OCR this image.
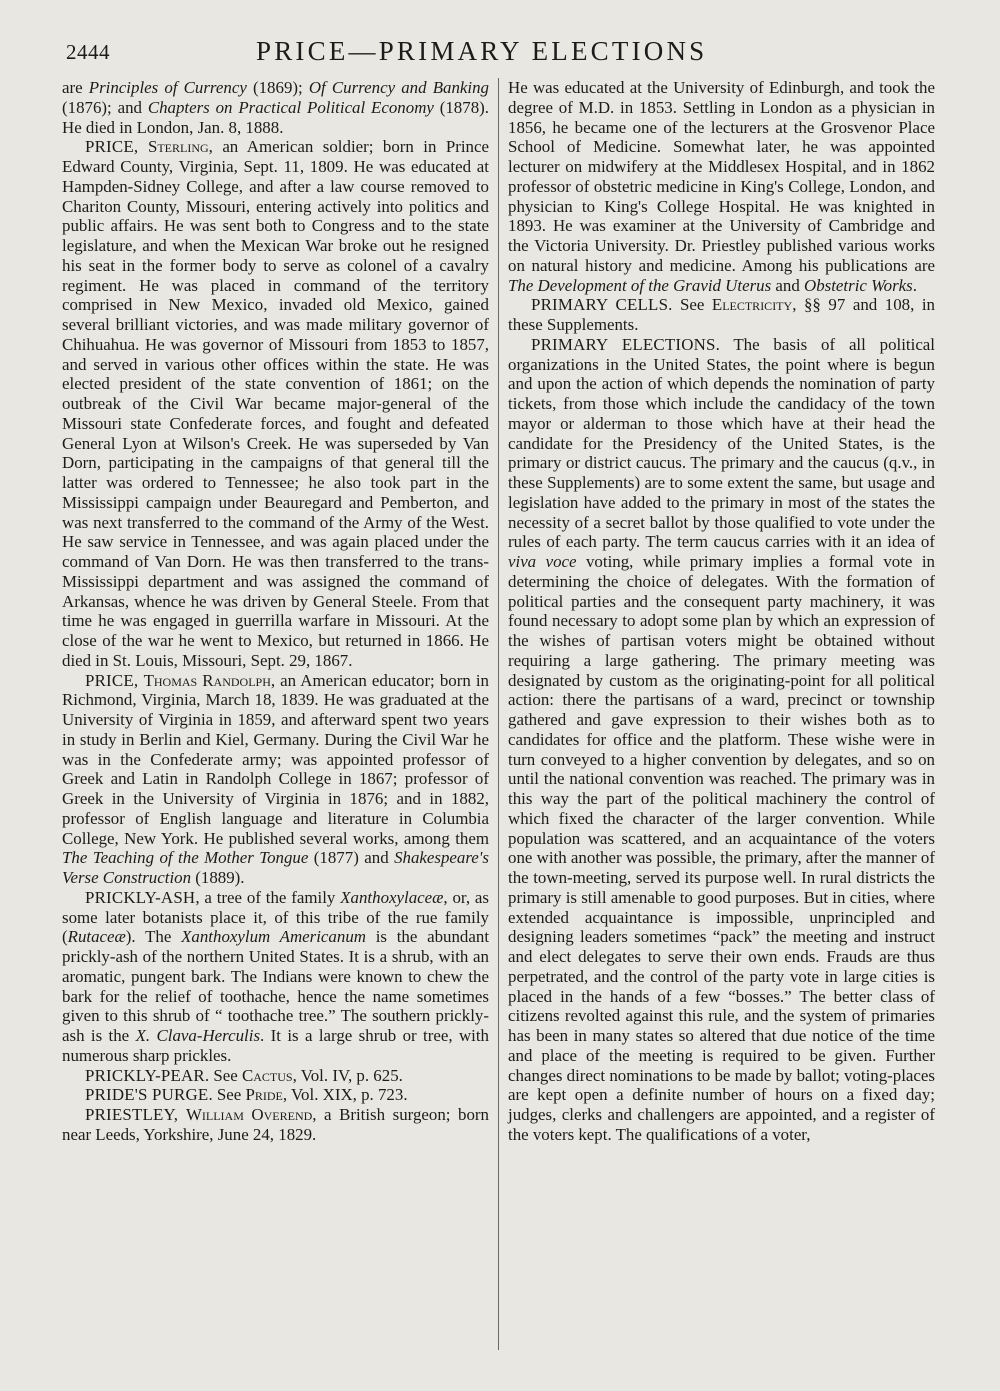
2444	PRICE—PRIMARY ELECTIONS

are Principles of Currency (1869); Of Currency and Banking (1876); and Chapters on Practical Political Economy (1878). He died in London, Jan. 8, 1888.

PRICE, Sterling, an American soldier; born in Prince Edward County, Virginia, Sept. 11, 1809. He was educated at Hampden-Sidney College, and after a law course removed to Chariton County, Missouri, entering actively into politics and public affairs. He was sent both to Congress and to the state legislature, and when the Mexican War broke out he resigned his seat in the former body to serve as colonel of a cavalry regiment. He was placed in command of the territory comprised in New Mexico, invaded old Mexico, gained several brilliant victories, and was made military governor of Chihuahua. He was governor of Missouri from 1853 to 1857, and served in various other offices within the state. He was elected president of the state convention of 1861; on the outbreak of the Civil War became major-general of the Missouri state Confederate forces, and fought and defeated General Lyon at Wilson's Creek. He was superseded by Van Dorn, participating in the campaigns of that general till the latter was ordered to Tennessee; he also took part in the Mississippi campaign under Beauregard and Pemberton, and was next transferred to the command of the Army of the West. He saw service in Tennessee, and was again placed under the command of Van Dorn. He was then transferred to the trans-Mississippi department and was assigned the command of Arkansas, whence he was driven by General Steele. From that time he was engaged in guerrilla warfare in Missouri. At the close of the war he went to Mexico, but returned in 1866. He died in St. Louis, Missouri, Sept. 29, 1867.

PRICE, Thomas Randolph, an American educator; born in Richmond, Virginia, March 18, 1839. He was graduated at the University of Virginia in 1859, and afterward spent two years in study in Berlin and Kiel, Germany. During the Civil War he was in the Confederate army; was appointed professor of Greek and Latin in Randolph College in 1867; professor of Greek in the University of Virginia in 1876; and in 1882, professor of English language and literature in Columbia College, New York. He published several works, among them The Teaching of the Mother Tongue (1877) and Shakespeare's Verse Construction (1889).

PRICKLY-ASH, a tree of the family Xanthoxylaceæ, or, as some later botanists place it, of this tribe of the rue family (Rutaceæ). The Xanthoxylum Americanum is the abundant prickly-ash of the northern United States. It is a shrub, with an aromatic, pungent bark. The Indians were known to chew the bark for the relief of toothache, hence the name sometimes given to this shrub of “ toothache tree.” The southern prickly-ash is the X. Clava-Herculis. It is a large shrub or tree, with numerous sharp prickles.

PRICKLY-PEAR. See Cactus, Vol. IV, p. 625.

PRIDE'S PURGE. See Pride, Vol. XIX, p. 723.

PRIESTLEY, William Overend, a British surgeon; born near Leeds, Yorkshire, June 24, 1829.

He was educated at the University of Edinburgh, and took the degree of M.D. in 1853. Settling in London as a physician in 1856, he became one of the lecturers at the Grosvenor Place School of Medicine. Somewhat later, he was appointed lecturer on midwifery at the Middlesex Hospital, and in 1862 professor of obstetric medicine in King's College, London, and physician to King's College Hospital. He was knighted in 1893. He was examiner at the University of Cambridge and the Victoria University. Dr. Priestley published various works on natural history and medicine. Among his publications are The Development of the Gravid Uterus and Obstetric Works.

PRIMARY CELLS. See Electricity, §§ 97 and 108, in these Supplements.

PRIMARY ELECTIONS. The basis of all political organizations in the United States, the point where is begun and upon the action of which depends the nomination of party tickets, from those which include the candidacy of the town mayor or alderman to those which have at their head the candidate for the Presidency of the United States, is the primary or district caucus. The primary and the caucus (q.v., in these Supplements) are to some extent the same, but usage and legislation have added to the primary in most of the states the necessity of a secret ballot by those qualified to vote under the rules of each party. The term caucus carries with it an idea of viva voce voting, while primary implies a formal vote in determining the choice of delegates. With the formation of political parties and the consequent party machinery, it was found necessary to adopt some plan by which an expression of the wishes of partisan voters might be obtained without requiring a large gathering. The primary meeting was designated by custom as the originating-point for all political action: there the partisans of a ward, precinct or township gathered and gave expression to their wishes both as to candidates for office and the platform. These wishe were in turn conveyed to a higher convention by delegates, and so on until the national convention was reached. The primary was in this way the part of the political machinery the control of which fixed the character of the larger convention. While population was scattered, and an acquaintance of the voters one with another was possible, the primary, after the manner of the town-meeting, served its purpose well. In rural districts the primary is still amenable to good purposes. But in cities, where extended acquaintance is impossible, unprincipled and designing leaders sometimes “pack” the meeting and instruct and elect delegates to serve their own ends. Frauds are thus perpetrated, and the control of the party vote in large cities is placed in the hands of a few “bosses.” The better class of citizens revolted against this rule, and the system of primaries has been in many states so altered that due notice of the time and place of the meeting is required to be given. Further changes direct nominations to be made by ballot; voting-places are kept open a definite number of hours on a fixed day; judges, clerks and challengers are appointed, and a register of the voters kept. The qualifications of a voter,
